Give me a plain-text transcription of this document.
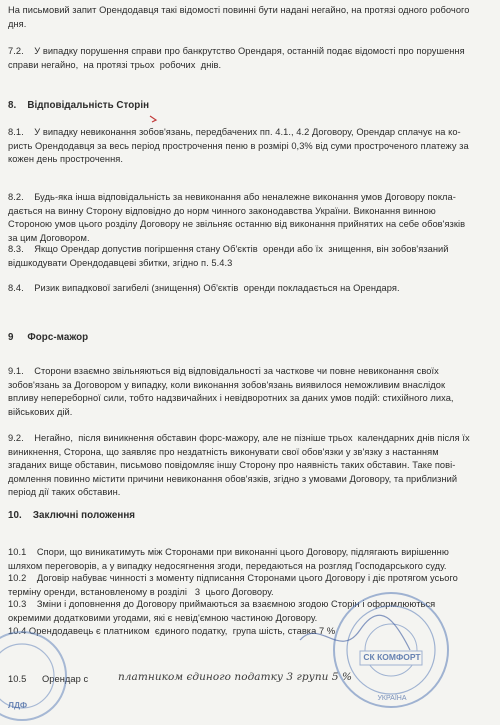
На письмовий запит Орендодавця такі відомості повинні бути надані негайно, на протязі одного робочого
дня.
7.2.    У випадку порушення справи про банкрутство Орендаря, останній подає відомості про порушення
справи негайно,  на протязі трьох  робочих  днів.
8.    Відповідальність Сторін
8.1.    У випадку невиконання зобов'язань, передбачених пп. 4.1., 4.2 Договору, Орендар сплачує на ко-
ристь Орендодавця за весь період прострочення пеню в розмірі 0,3% від суми простроченого платежу за
кожен день прострочення.
8.2.    Будь-яка інша відповідальність за невиконання або неналежне виконання умов Договору покла-
дається на винну Сторону відповідно до норм чинного законодавства України. Виконання винною
Стороною умов цього розділу Договору не звільняє останню від виконання прийнятих на себе обов'язків
за цим Договором.
8.3.    Якщо Орендар допустив погіршення стану Об'єктів  оренди або їх  знищення, він зобов'язаний
відшкодувати Орендодавцеві збитки, згідно п. 5.4.3
8.4.    Ризик випадкової загибелі (знищення) Об'єктів  оренди покладається на Орендаря.
9     Форс-мажор
9.1.    Сторони взаємно звільняються від відповідальності за часткове чи повне невиконання своїх
зобов'язань за Договором у випадку, коли виконання зобов'язань виявилося неможливим внаслідок
впливу непереборної сили, тобто надзвичайних і невідворотних за даних умов подій: стихійного лиха,
військових дій.
9.2.    Негайно,  після виникнення обставин форс-мажору, але не пізніше трьох  календарних днів після їх
виникнення, Сторона, що заявляє про нездатність виконувати свої обов'язки у зв'язку з настанням
згаданих вище обставин, письмово повідомляє іншу Сторону про наявність таких обставин. Таке пові-
домлення повинно містити причини невиконання обов'язків, згідно з умовами Договору, та приблизний
період дії таких обставин.
10.    Заключні положення
10.1    Спори, що виникатимуть між Сторонами при виконанні цього Договору, підлягають вирішенню
шляхом переговорів, а у випадку недосягнення згоди, передаються на розгляд Господарського суду.
10.2    Договір набуває чинності з моменту підписання Сторонами цього Договору і діє протягом усього
терміну оренди, встановленому в розділі   3  цього Договору.
10.3    Зміни і доповнення до Договору приймаються за взаємною згодою Сторін і оформлюються
окремими додатковими угодами, які є невід'ємною частиною Договору.
10.4 Орендодавець є платником  єдиного податку,  група шість, ставка 7 %
10.5	Орендар с	платником єдиного податку 3 групи 5 %
СК КОМФОРТ
УКРАЇНА
ЛДФ
